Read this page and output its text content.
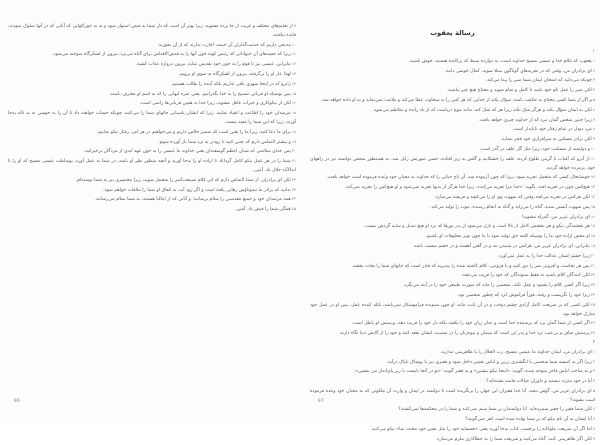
۹ از تعلیم‌های مختلف و غریب از جا برده مشوید، زیرا بهتر آن است که دل شما به فیض استوار شود و نه به خوراکهایی که آنانی که در آنها سلوک نمودند، فایده نیافتند.

۱۰ مذبحی داریم که خدمت‌گذاران آن خیمه، اجازت ندارند که از آن بخورند.

۱۱ زیرا که جسدهای آن حیواناتی که رئیس کهنه خون آنها را به قدس‌الاقداس برای گناه می‌برد، بیرون از لشکرگاه سوخته می‌شود.

۱۲ بنابراین، عیسی نیز تا قوم را به خون خود تقدیس نماید، بیرون دروازه عذاب کشید.

۱۳ لهذا عار او را برگرفته، بیرون از لشکرگاه به سوی او برویم.

۱۴ زانرو که در اینجا شهری باقی نداریم بلکه آینده را طالب هستیم.

۱۵ پس بوسیله او قربانی تسبیح را به خدا بگذرانیم، یعنی ثمره لبهایی را که به اسم او معترف باشند.

۱۶ لکن از نیکوکاری و خیرات غافل مشوید، زیرا خدا به همین قربانی‌ها راضی است.

۱۷ مرشدان خود را اطاعت و انقیاد نمایید، زیرا که ایشان پاسبانی جانهای شما را می‌کنند، چونکه حساب خواهند داد تا آن را به خوشی نه به ناله به‌جا آورند، زیرا که این شما را مفید نیست.

۱۸ برای ما دعا کنید، زیرا ما را یقین است که ضمیر خالص داریم و می‌خواهیم در هر امر، رفتار نیکو نماییم.

۱۹ و بیشتر التماس دارم که چنین کنید تا زودتر به نزد شما باز آورده شوم.

۲۰ پس خدای سلامتی که شبان اعظم گوسفندان یعنی خداوند ما عیسی را به خون عهد ابدی از مردگان برخیزانید،

۲۱ شما را در هر عمل نیکو کامل گرداناد تا اراده او را به‌جا آورید و آنچه منظور نظر او باشد، در شما به عمل آورد، بوساطت عیسی مسیح که او را تا ابدالآباد جلال باد. آمین.

۲۲ لکن ای برادران، از شما التماس دارم که این کلام نصیحت‌آمیز را متحمل شوید، زیرا مختصری نیز به شما نوشته‌ام.

۲۳ بدانید که برادر ما تیموتاؤس رهایی یافته است و اگر زود آید، به اتفاق او شما را ملاقات خواهم نمود.

۲۴ همه مرشدان خود و جمیع مقدسین را سلام برسانید؛ و آنانی که از ایتالیا هستند، به شما سلام می‌رسانند.

۲۵ همگی شما را فیض باد. آمین.

96
رسالة یعقوب
۱

۱ یعقوب که غلام خدا و عیسی مسیح خداوند است، به دوازده سبط که پراکنده هستند، خوش باشید.

۲ ای برادران من، وقتی که در تجربه‌های گوناگون مبتلا شوید، کمال خوشی دانید.

۳ چونکه می‌دانید که امتحان ایمان شما صبر را پیدا می‌کند.

۴ لکن صبر را عمل تام خود باشد تا کامل و تمام شوید و محتاج هیچ چیز نباشید.

۵ و اگر از شما کسی محتاج به حکمت باشد، سؤال بکند از خدایی که هر کس را به سخاوت عطا می‌کند و ملامت نمی‌نماید و به او داده خواهد شد.

۶ لکن به ایمان سؤال بکند و هرگز شک نکند زیرا هر که شک کند، مانند موج دریاست که از باد رانده و متلاطم می‌شود.

۷ زیرا چنین شخص گمان نبرد که از خداوند چیزی خواهد یافت.

۸ مرد دودل در تمام رفتار خود ناپایدار است.

۹ لکن برادر مسکین به سرافرازی خود فخر بنماید،

۱۰ و دولتمند از مسکنت خود، زیرا مثل گل علف در گذر است.

۱۱ از آنرو که آفتاب با گرمی طلوع کرده، علف را خشکانید و گلش به زیر افتاده، حسن صورتش زایل شد. به همینطور شخص دولتمند نیز در راههای خود، پژمرده خواهد گردید.

۱۲ خوشابحال کسی که متحمل تجربه شود، زیرا که چون آزموده شد، آن تاج حیاتی را که خداوند به محبان خود وعده فرموده است خواهد یافت.

۱۳ هیچ‌کس چون در تجربه افتد، نگوید: «خدا مرا تجربه می‌کند»، زیرا خدا هرگز از بدیها تجربه نمی‌شود و او هیچ‌کس را تجربه نمی‌کند.

۱۴ لکن هرکس در تجربه می‌افتد وقتی که شهوت وی او را می‌کشد و فریفته می‌سازد.

۱۵ پس شهوت آبستن شده، گناه را می‌زاید و گناه به انجام رسیده، موت را تولید می‌کند.

۱۶ ای برادران عزیز من، گمراه مشوید!

۱۷ هر بخشندگی نیکو و هر بخشش کامل از بالا است و نازل می‌شود از پدر نورها که نزد او هیچ تبدیل و سایه گردش نیست.

۱۸ او محض اراده خود ما را بوسیله کلمه حق تولید نمود تا ما چون نوبر مخلوقات او باشیم.

۱۹ بنابراین، ای برادران عزیز من، هرکس در شنیدن تند و در گفتن آهسته و در خشم سست باشد.

۲۰ زیرا خشم انسان عدالت خدا را به عمل نمی‌آورد.

۲۱ پس هر نجاست و افزونی شر را دور کنید و با فروتنی، کلام کاشته شده را بپذیرید که قادر است که جانهای شما را نجات بخشد.

۲۲ لکن کنندگان کلام باشید نه فقط شنوندگان که خود را فریب می‌دهند.

۲۳ زیرا اگر کسی کلام را بشنود و عمل نکند، شخصی را ماند که صورت طبیعی خود را در آینه می‌نگرد.

۲۴ زیرا خود را نگریست و رفته، فوراً فراموش کرد که چطور شخصی بود.

۲۵ لکن کسی که بر شریعت کامل آزادی چشم دوخت و در آن ثابت ماند، او چون شنونده فراموشکار نمی‌باشد، بلکه کننده عمل، پس او در عمل خود مبارک خواهد بود.

۲۶ اگر کسی از شما گمان برد که پرستنده خدا است و عنان زبان خود را نکشد بلکه دل خود را فریب دهد، پرستش او باطل است.

۲۷ پرستش صاف و بی‌عیب نزد خدا و پدر این است که یتیمان و بیوه‌زنان را در مصیبت ایشان تفقد کنند و خود را از آلایش دنیا نگاه دارند.

۲

۱ ای برادران من، ایمان خداوند ما عیسی مسیح، رب الجلال را با ظاهربینی مدارید.

۲ زیرا اگر به کنیسه شما شخصی با انگشتری زرین و لباس نفیس داخل شود و فقیری نیز با پوشاک ناپاک درآید،

۳ و به صاحب لباس فاخر متوجه شده، گویید: «اینجا نیکو بنشین» و به فقیر گویید: «تو در آنجا بایست یا زیر پای‌انداز من بنشین»،

۴ آیا در خود متردد نیستید و داوران خیالات فاسد نشده‌اید؟

۵ ای برادران عزیز من، گوش دهید. آیا خدا فقیران این جهان را برنگزیده است تا دولتمند در ایمان و وارث آن ملکوتی که به محبان خود وعده فرموده است بشوند؟

۶ لکن شما فقیر را حقیر شمرده‌اید. آیا دولتمندان بر شما ستم نمی‌کنند و شما را در محکمه‌ها نمی‌کشند؟

۷ آیا ایشان به آن نام نیکو که بر شما نهاده شده است کفر نمی‌گویند؟

۸ اما اگر آن شریعت ملوکانه را برحسب کتاب به‌جا آورید یعنی «همسایه خود را مثل نفس خود محبت نما» نیکو می‌کنید.

۹ لکن اگر ظاهربینی کنید، گناه می‌کنید و شریعت شما را به خطاکاری ملزم می‌سازد.

97
